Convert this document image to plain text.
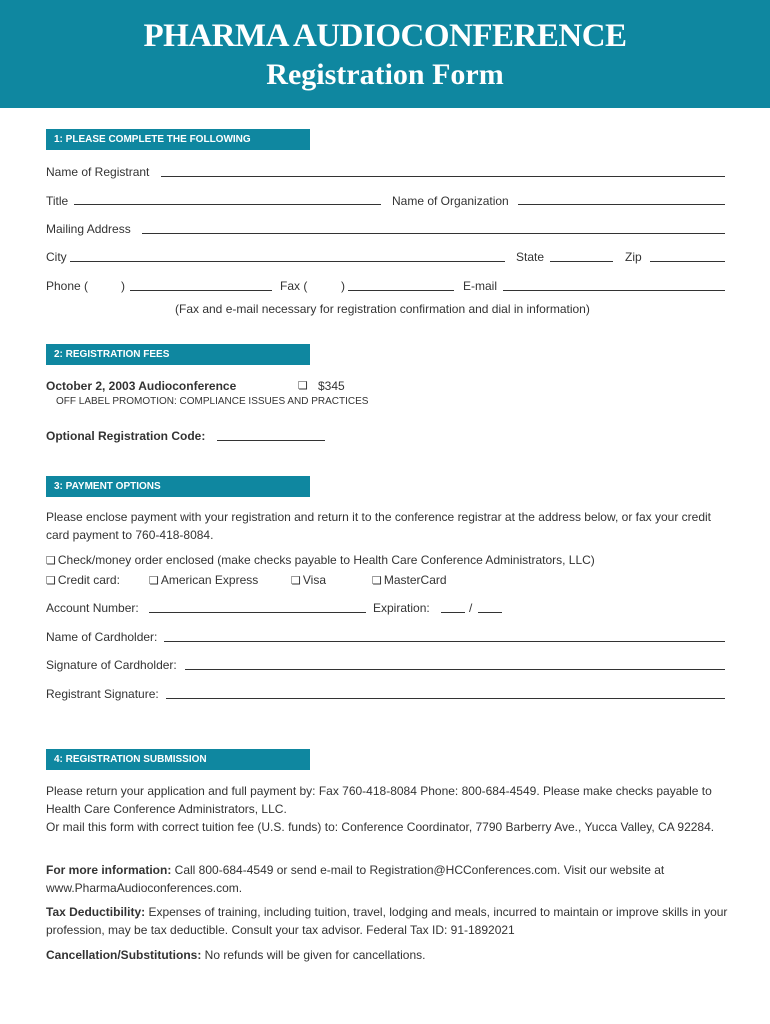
PHARMA AUDIOCONFERENCE
Registration Form
1: PLEASE COMPLETE THE FOLLOWING
Name of Registrant
Title	Name of Organization
Mailing Address
City	State	Zip
Phone (	)	Fax (	)	E-mail
(Fax and e-mail necessary for registration confirmation and dial in information)
2: REGISTRATION FEES
October 2, 2003 Audioconference	❏ $345
OFF LABEL PROMOTION: COMPLIANCE ISSUES AND PRACTICES
Optional Registration Code:
3: PAYMENT OPTIONS
Please enclose payment with your registration and return it to the conference registrar at the address below, or fax your credit card payment to 760-418-8084.
❏ Check/money order enclosed (make checks payable to Health Care Conference Administrators, LLC)
❏ Credit card:	❏ American Express	❏ Visa	❏ MasterCard
Account Number:	Expiration:	/
Name of Cardholder:
Signature of Cardholder:
Registrant Signature:
4: REGISTRATION SUBMISSION
Please return your application and full payment by: Fax 760-418-8084 Phone: 800-684-4549. Please make checks payable to Health Care Conference Administrators, LLC.
Or mail this form with correct tuition fee (U.S. funds) to: Conference Coordinator, 7790 Barberry Ave., Yucca Valley, CA 92284.
For more information: Call 800-684-4549 or send e-mail to Registration@HCConferences.com. Visit our website at www.PharmaAudioconferences.com.
Tax Deductibility: Expenses of training, including tuition, travel, lodging and meals, incurred to maintain or improve skills in your profession, may be tax deductible. Consult your tax advisor. Federal Tax ID: 91-1892021
Cancellation/Substitutions: No refunds will be given for cancellations.
